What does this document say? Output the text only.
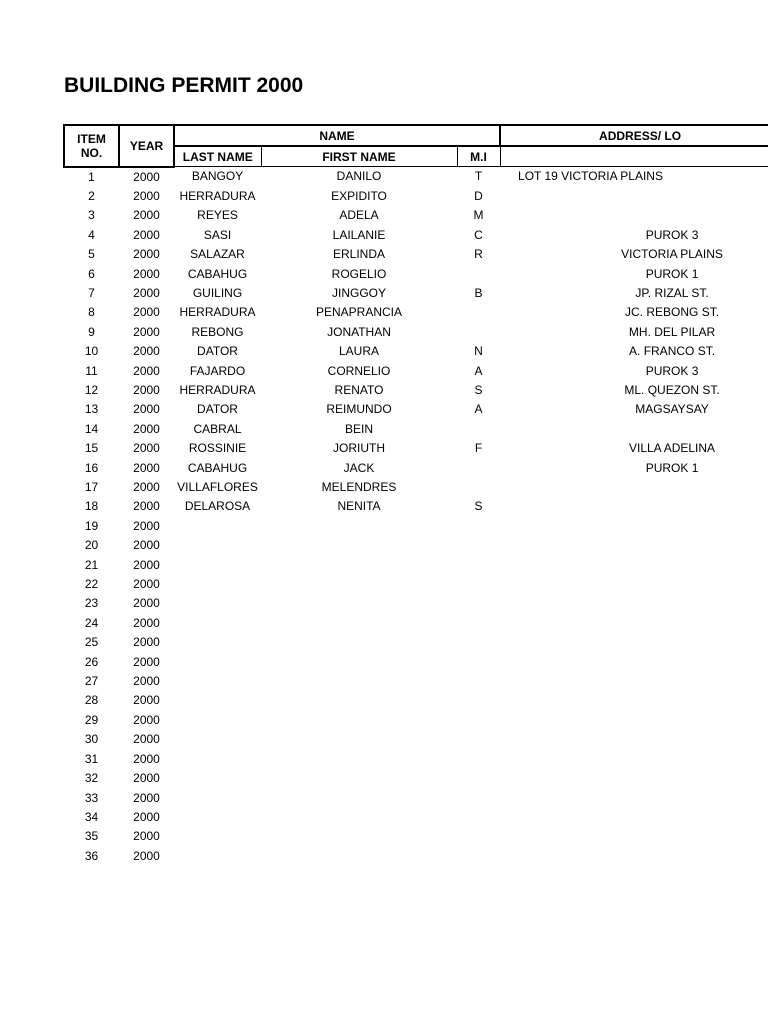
BUILDING PERMIT 2000
ITEM NO.	YEAR	NAME			ADDRESS/ LO
		LAST NAME	FIRST NAME	M.I	
1	2000	BANGOY	DANILO	T	LOT 19 VICTORIA PLAINS
2	2000	HERRADURA	EXPIDITO	D	
3	2000	REYES	ADELA	M	
4	2000	SASI	LAILANIE	C	PUROK 3
5	2000	SALAZAR	ERLINDA	R	VICTORIA PLAINS
6	2000	CABAHUG	ROGELIO		PUROK 1
7	2000	GUILING	JINGGOY	B	JP. RIZAL ST.
8	2000	HERRADURA	PENAPRANCIA		JC. REBONG ST.
9	2000	REBONG	JONATHAN		MH. DEL PILAR
10	2000	DATOR	LAURA	N	A. FRANCO ST.
11	2000	FAJARDO	CORNELIO	A	PUROK 3
12	2000	HERRADURA	RENATO	S	ML. QUEZON ST.
13	2000	DATOR	REIMUNDO	A	MAGSAYSAY
14	2000	CABRAL	BEIN		
15	2000	ROSSINIE	JORIUTH	F	VILLA ADELINA
16	2000	CABAHUG	JACK		PUROK 1
17	2000	VILLAFLORES	MELENDRES		
18	2000	DELAROSA	NENITA	S	
19	2000				
20	2000				
21	2000				
22	2000				
23	2000				
24	2000				
25	2000				
26	2000				
27	2000				
28	2000				
29	2000				
30	2000				
31	2000				
32	2000				
33	2000				
34	2000				
35	2000				
36	2000				
